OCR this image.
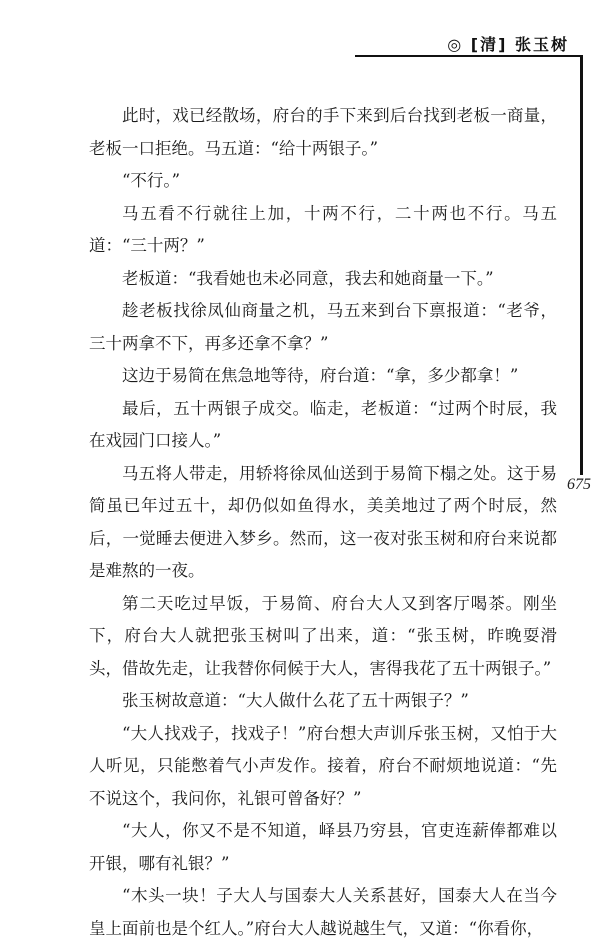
◎ [清] 张玉树
675

此时，戏已经散场，府台的手下来到后台找到老板一商量，老板一口拒绝。马五道：“给十两银子。”

“不行。”

马五看不行就往上加，十两不行，二十两也不行。马五道：“三十两？”

老板道：“我看她也未必同意，我去和她商量一下。”

趁老板找徐凤仙商量之机，马五来到台下禀报道：“老爷，三十两拿不下，再多还拿不拿？”

这边于易简在焦急地等待，府台道：“拿，多少都拿！”

最后，五十两银子成交。临走，老板道：“过两个时辰，我在戏园门口接人。”

马五将人带走，用轿将徐凤仙送到于易简下榻之处。这于易简虽已年过五十，却仍似如鱼得水，美美地过了两个时辰，然后，一觉睡去便进入梦乡。然而，这一夜对张玉树和府台来说都是难熬的一夜。

第二天吃过早饭，于易简、府台大人又到客厅喝茶。刚坐下，府台大人就把张玉树叫了出来，道：“张玉树，昨晚耍滑头，借故先走，让我替你伺候于大人，害得我花了五十两银子。”

张玉树故意道：“大人做什么花了五十两银子？”

“大人找戏子，找戏子！”府台想大声训斥张玉树，又怕于大人听见，只能憋着气小声发作。接着，府台不耐烦地说道：“先不说这个，我问你，礼银可曾备好？”

“大人，你又不是不知道，峄县乃穷县，官吏连薪俸都难以开银，哪有礼银？”

“木头一块！子大人与国泰大人关系甚好，国泰大人在当今皇上面前也是个红人。”府台大人越说越生气，又道：“你看你，
